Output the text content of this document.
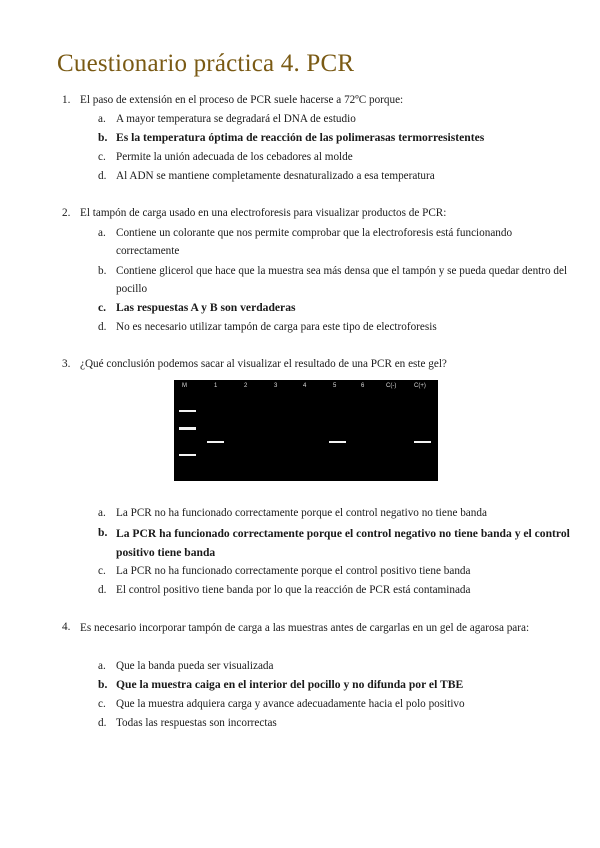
Cuestionario práctica 4. PCR
1. El paso de extensión en el proceso de PCR suele hacerse a 72ºC porque:
a. A mayor temperatura se degradará el DNA de estudio
b. Es la temperatura óptima de reacción de las polimerasas termorresistentes
c. Permite la unión adecuada de los cebadores al molde
d. Al ADN se mantiene completamente desnaturalizado a esa temperatura
2. El tampón de carga usado en una electroforesis para visualizar productos de PCR:
a. Contiene un colorante que nos permite comprobar que la electroforesis está funcionando correctamente
b. Contiene glicerol que hace que la muestra sea más densa que el tampón y se pueda quedar dentro del pocillo
c. Las respuestas A y B son verdaderas
d. No es necesario utilizar tampón de carga para este tipo de electroforesis
3. ¿Qué conclusión podemos sacar al visualizar el resultado de una PCR en este gel?
M	1	2	3	4	5	6	C(-)	C(+)
a. La PCR no ha funcionado correctamente porque el control negativo no tiene banda
b. La PCR ha funcionado correctamente porque el control negativo no tiene banda y el control positivo tiene banda
c. La PCR no ha funcionado correctamente porque el control positivo tiene banda
d. El control positivo tiene banda por lo que la reacción de PCR está contaminada
4. Es necesario incorporar tampón de carga a las muestras antes de cargarlas en un gel de agarosa para:
a. Que la banda pueda ser visualizada
b. Que la muestra caiga en el interior del pocillo y no difunda por el TBE
c. Que la muestra adquiera carga y avance adecuadamente hacia el polo positivo
d. Todas las respuestas son incorrectas
